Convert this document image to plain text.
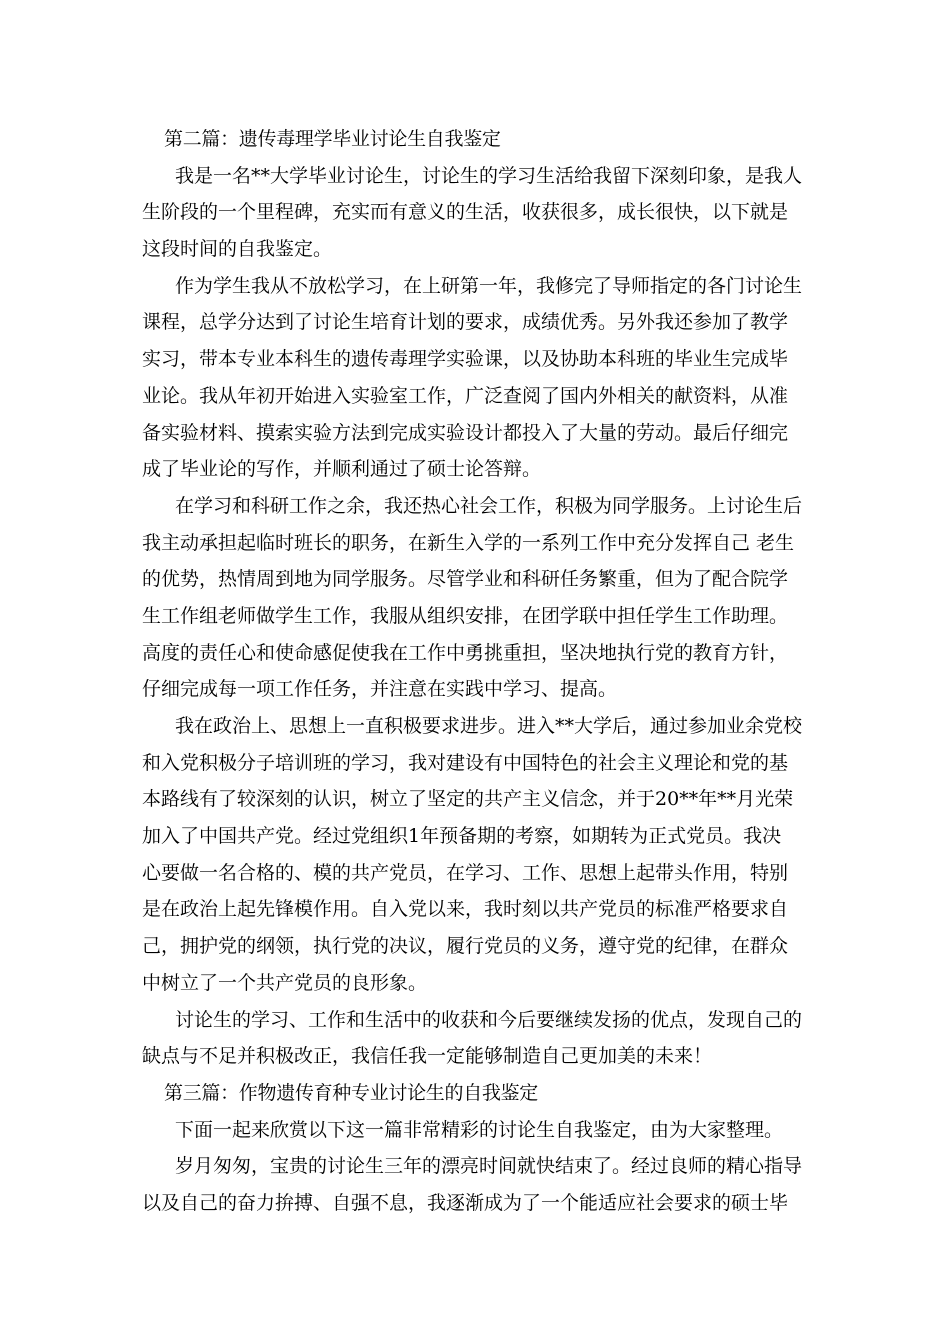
第二篇：遗传毒理学毕业讨论生自我鉴定
我是一名**大学毕业讨论生，讨论生的学习生活给我留下深刻印象，是我人
生阶段的一个里程碑，充实而有意义的生活，收获很多，成长很快，以下就是
这段时间的自我鉴定。
作为学生我从不放松学习，在上研第一年，我修完了导师指定的各门讨论生
课程，总学分达到了讨论生培育计划的要求，成绩优秀。另外我还参加了教学
实习，带本专业本科生的遗传毒理学实验课，以及协助本科班的毕业生完成毕
业论。我从年初开始进入实验室工作，广泛查阅了国内外相关的献资料，从准
备实验材料、摸索实验方法到完成实验设计都投入了大量的劳动。最后仔细完
成了毕业论的写作，并顺利通过了硕士论答辩。
在学习和科研工作之余，我还热心社会工作，积极为同学服务。上讨论生后
我主动承担起临时班长的职务，在新生入学的一系列工作中充分发挥自己 老生
的优势，热情周到地为同学服务。尽管学业和科研任务繁重，但为了配合院学
生工作组老师做学生工作，我服从组织安排，在团学联中担任学生工作助理。
高度的责任心和使命感促使我在工作中勇挑重担，坚决地执行党的教育方针，
仔细完成每一项工作任务，并注意在实践中学习、提高。
我在政治上、思想上一直积极要求进步。进入**大学后，通过参加业余党校
和入党积极分子培训班的学习，我对建设有中国特色的社会主义理论和党的基
本路线有了较深刻的认识，树立了坚定的共产主义信念，并于20**年**月光荣
加入了中国共产党。经过党组织1年预备期的考察，如期转为正式党员。我决
心要做一名合格的、模的共产党员，在学习、工作、思想上起带头作用，特别
是在政治上起先锋模作用。自入党以来，我时刻以共产党员的标准严格要求自
己，拥护党的纲领，执行党的决议，履行党员的义务，遵守党的纪律，在群众
中树立了一个共产党员的良形象。
讨论生的学习、工作和生活中的收获和今后要继续发扬的优点，发现自己的
缺点与不足并积极改正，我信任我一定能够制造自己更加美的未来！
第三篇：作物遗传育种专业讨论生的自我鉴定
下面一起来欣赏以下这一篇非常精彩的讨论生自我鉴定，由为大家整理。
岁月匆匆，宝贵的讨论生三年的漂亮时间就快结束了。经过良师的精心指导
以及自己的奋力拚搏、自强不息，我逐渐成为了一个能适应社会要求的硕士毕
